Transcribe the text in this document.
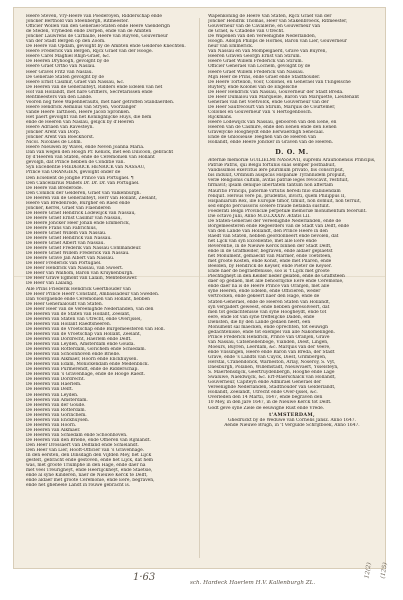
Heere Steven, Vry-Heere van Poederoyen, Ridderschap ende

Joncker Berthold van Steenbergh, Ritmeester.

Officier Wollen van den Generael-Staten ende Heere Vaenderigh

de Steden, Vryheden ende Dorpen, ende van de Ambten

Joncker Lauwrens de Carbaille, Heere van Ruyven, Gouverneur

van der Stadt Bergen op den Zoom.

De Heere van Opdam, gevolght by de Ambten ende Gelderse Knechten.

Heere Frederick van Bergen, Rijcx Graef van der Hooge.

Heere Carel Maghiel Rhijn-Graef, &c.

De Heeren Dryhoogh, gevolght by de

Heere Graef Ortho van Naslau.

Heer Gravel Fritz van Naslau.

De Generale Staten gevolght by de

Heere Ernst Casimir, Graef van Nassau, &c.

De Heeren van de Generaliteyt, Ridders ende Edelen van het

Hof van Hollandt, met hare Griffiers, Secretarissen ende

Rentmeesters van den Lande.

Vooren nog twee Wapenheraults, met haer getroffen Standaerden.

Heere Hendrick Aemilius van Stryen, Voorzanger

vande Heere Tarthoen, Heere Jacob Spronken.

Het paert gevolght van het Koninghlijcke Huys, die hem

ende de Heeren van Naslau, gelijck by d'Heeren

Heere Adriaen van Ravesteyn.

Joncker Arent van Dorp.

Joncker Arent van Boeckhorst.

Nicol. Nicolaes de Lohm.

Heere Nieuwen by Wavel, ende Neven Joanna Maria.

Dan van wegen den Hoogh Pr. Kenick, met een Dilicoon, gebracht

by d'Heeren van Staten, ende de Ceremonien van Hollant

gevolgh, dat Prince hebben de Conditie van.

Syn Excellentie FREDERICK HENRICK van NASSAU,

Prince van ORANGIEN, gevolght onder de

Den Ecsellent de jonghe Prince van Portugael. ¶

Den Cancellarius Mahefs Dr. Dr. Dr. van Portugael.

De Heere van Brederode.

Den Coninck der Gelderen, Graef van Valkenburgh.

De Heeren van de Generaliteyt, Herr van Hollant, Zeelant,

Heere van Bredenrode, Burgher en Raed ende

Joncker, Kerrel, Graef van Flaenderen

De Heere Graef Hendrick Lodewijck van Nassau,

De Heere Graef Ernst Casimir van Nassau,

De Heere Joncker Heer Johan ende Emmerick,

De Heere Frans van Fabrichius,

De Heere Graef Willem van Nassau.

De Heere Graef Hendrick van Nassau.

De Heere Graef Albert van Nassau.

De Heere Graef Frederik van Nassau Commandeur.

De Heere Graef Willem Frederick van Nassau.

De Heere Grave Jan Albert van Nassau.

De Heer Frederick van Portugael.

De Heer Hendrick van Nassau, van Swoert.

De Heer van Walhom, Baron van Kruykenburgh.

De Heer Grave Egmont van Lalain, Mentebouwer.

De Heer van Lalaing.

Alle Prins Friederik Hendrick Geerthouder van

De Heer Prince Heerr Constant, Ambassadeur van Sweden.

Dan Voorgaende ende Ceremonien van Hollant, hebben

De Heer Generaaloudt van Staten.

De Heer Heer van de Vereenighde Nederlanden, van den

De Heeren van de Staten van Hollant, Zeelant,

De Heeren van Staten van Utrecht, ende Overijssel,

De Heeren van Hollant Raedtsheeren.

De Heeren van de Vroetschap ende Burgemeesteren van Holl.

De Heeren van de Vroetschap van Hollant, Zeelant,

De Heeren van Dordrecht, Haerlem ende Delft.

De Heeren van Leyden, Amsterdam ende Gouda.

De Heeren van Rotterdam, Gorichem ende Schiedam.

De Heeren van Schoonhoven ende Brielle.

De Heeren van Alkmaer, Hoorn ende Enckhuysen.

De Heeren van Edam, Monickendam ende Medenblick.

De Heeren van Purmerendt, ende de Ridderschap.

De Heeren van 's Gravenhage, ende de Hooge Raedt.

De Heeren van Dordrecht.

De Heeren van Haerlem.

De Heeren van Delft.

De Heeren van Leyden.

De Heeren van Amsterdam.

De Heeren van der Goude.

De Heeren van Rotterdam.

De Heeren van Gorinchem.

De Heeren van Enckhuysen.

De Heeren van Hoorn.

De Heeren van Alkmaer.

De Heeren van Schiedam ende Schoonhoven.

De Heeren van den Brielle, ende Offieren van Rijnlandt.

Den Heer Drossaert van Delfland ende Schielandt.

Den Heer van Lier, Hooft-Officier van 's Gravenhage.

In den eersten, den Dinsdagh den Vijfden Mey, het Lijck

gestelt, gebracht ende gestoven, ende het Lijck, dat hem

was, met groote Triumphe in den Hage, ende daer na

met veel Treurigheyt, ende Heerlijckheyt, ende Staetsie,

ende al syne Kinderen, naer de Nieuwe Kerck te Delft,

ende aldaer met groote Ceremonie, ende Eere, begraven,

ende het gheheele Landt in rouwe gebracht is.

Wapenkoning de Heere Van Staten, Rijcx Graef van der

Joncker Hendrik Thomas, Heer van Stakenbroeck, Ritmeester,

Gouverneur van de Cavallerie, en Gouverneur van

de Graef, & Citadelle van Utrecht.

De Wapenen van den Vereenighde Nederlanden,

Hoogh. Adolph Philips de Hornes, Baron van Lier, Gouverneur

neur van Emmerick.

Van Nassau en van Mompelgaerd, Grave van Buyren,

Heeren Graven Georgh Ernst van Stirum.

Heere Graef Willem Frederick van Stirum.

Officier Generael van Lochem, gevolght by de

Heere Graef Willem Frederick van Nassau.

Mijn Heer de Prins, ende Graef ende Stadthouder.

De Heere Tortelion, Voor, Collonel, en Generael van t'Engelsche

Ruytery, ende Kolonel van de Engelsche

De Heer Hendrick van Nassau, Gouverneur der Stadt Breda.

De Heer Dumalou van Marquelle, Baron van Marquette, Lieutenant

Generael van het Voetvolck, ende Gouverneur van der

De Heer Sautrecourt van Stirum, Marquis de Courtemer,

Collonel en Gouverneur van 's Hertogenbosch.

Rijckmans.

Heere Lodewijck van Nassau, gebooren van den Eene, en

Heeren van de Casmire, ende den Eenen ende den Eenen

Gravelycke Hoogheydt ende Eerwaerdigh Senecaal.

Ende de Ghlooieuse Teeghen van de Heeren van

Hollandt, ende Heere Joncker in Graven van de Heeren.

D. O. M.

Æternæ memoriæ GUILIELMI NASSOVII, supremi Araufionensis Principis,

Patriæ Patris, qui Belgii fortunis suas semper posthabuit,

Validissimos exercitus ære plurimum privato, bis conscripsit,

bis induxit, Ordinum auspiciis Hispaniæ Tyrannidem propulit,

veræ Religionis cultum, avitas patriæ leges revocavit, restituit,

firmavit; ipsam denique libertatem tantum non affertam

Mauritio Principi, paternæ virtutis heredi filio stabiliendam

reliquit. Herous verè pii, prudentis, invicti, quem Philippus II,

Hispaniarum Rex, ille Europæ timor, timuit, non domuit, non terruit,

sed empto percussoris scelere fraude nefanda sustulit.

Foederati Belgii Provinciæ perpetuæ memoriæ monumentum fecerunt.

Die octavo Julii, Anno M.D.LXXXIV. Ætatis LII.

De Staten-Generael der Vereenighde Nederlanden, ende de

Borgemeesteren ende Regeerders van de Stadt van Delft, ende

van den Lande van Hollandt, den Prince Heere in den

Raedt van Staten, hebben geordonneert ende bevolen, dat

het Lijck van syn Excellentie, met alle Eere ende

Reverentie, in de Nieuwe Kerck binnen der Stadt Delft,

ende in de Graffkelder, begraven, ende aldaer geplaetst

het Monument, gemaeckt van Marmer, ende Toetsteen,

met groote Kosten, ende Konst, ende met Pilaren, ende

Beelden, by Hendrick de Keyser, ende Pieter de Keyser.

Ende naer de begraeffenisse, soo is 't Lijck met groote

Plechtigheyt in den Kelder neder gelaten, ende de Graffsteen

daer op gedaen, met alle behoorlijcke Eere ende Ceremonie,

ende daer na is de Heere Prince van Oranjen, met alle

syne Heeren, ende Edelen, ende Officieren, weder

vertrocken, ende gekeert naer den Hage, ende de

Staten-Generael, ende de Heeren Staten van Hollandt,

syn vergadert geweest, ende hebben geresolveert, dat

men tot gedachtenisse van syne Hoogheydt, ende tot

eere, ende lof van syne treffelijcke Daden, ende

Diensten, die hy den Lande gedaen heeft, een

Monument sal maecken, ende oprechten, tot eeuwigh

gedachtenisse, ende tot exempel van alle Nakomelingen.

Prince Frederick Hendrick, Prince van Oranjen, Grave

van Nassau, Catsenellenboge, Vianden, Diest, Lingen,

Moeurs, Buyren, Leerdam, &c. Marquis van der Veere,

ende Vlissingen, Heere ende Baron van Breda, der Stadt

Grave, ende 's Landts van Cuyck, Diest, Grimbergen,

Herstal, Cranendonck, Warneston, Arlay, Noseroy, S. Vyt,

Daesburgh, Polanen, Willemstadt, Nieuwvaert, Ysselsteyn,

S. Maertensdijck, Geertruydenbergh, Hooghe ende Lage

Swaluwe, Naeldwijck, &c. Erf-Maerschalck van Hollandt,

Gouverneur, Capiteyn ende Admirael Generael der

Vereenighde Nederlanden, Stadthouder van Gelderlandt,

Hollandt, Zeelandt, Utrecht ende Over-Ijssel, &c.

Overleden den 14 Martii, 1647, ende begraven den

10 Mey, in den Jare 1647, in de Nieuwe Kerck tot Delft.

Godt geve syne Ziele de eeuwighe Rust ende Vrede.

t'AMSTERDAM,

Ghedruckt by de Weduwe van Cornelis Jansz. Anno 1647.

Aende Nieuwe Brugh, in 't Vergulde Schrijfboek, Anno 1647.

1·63	sch. Hardeck Haerlem H.V. Kallenburgh ZL.
12(2) (125)
